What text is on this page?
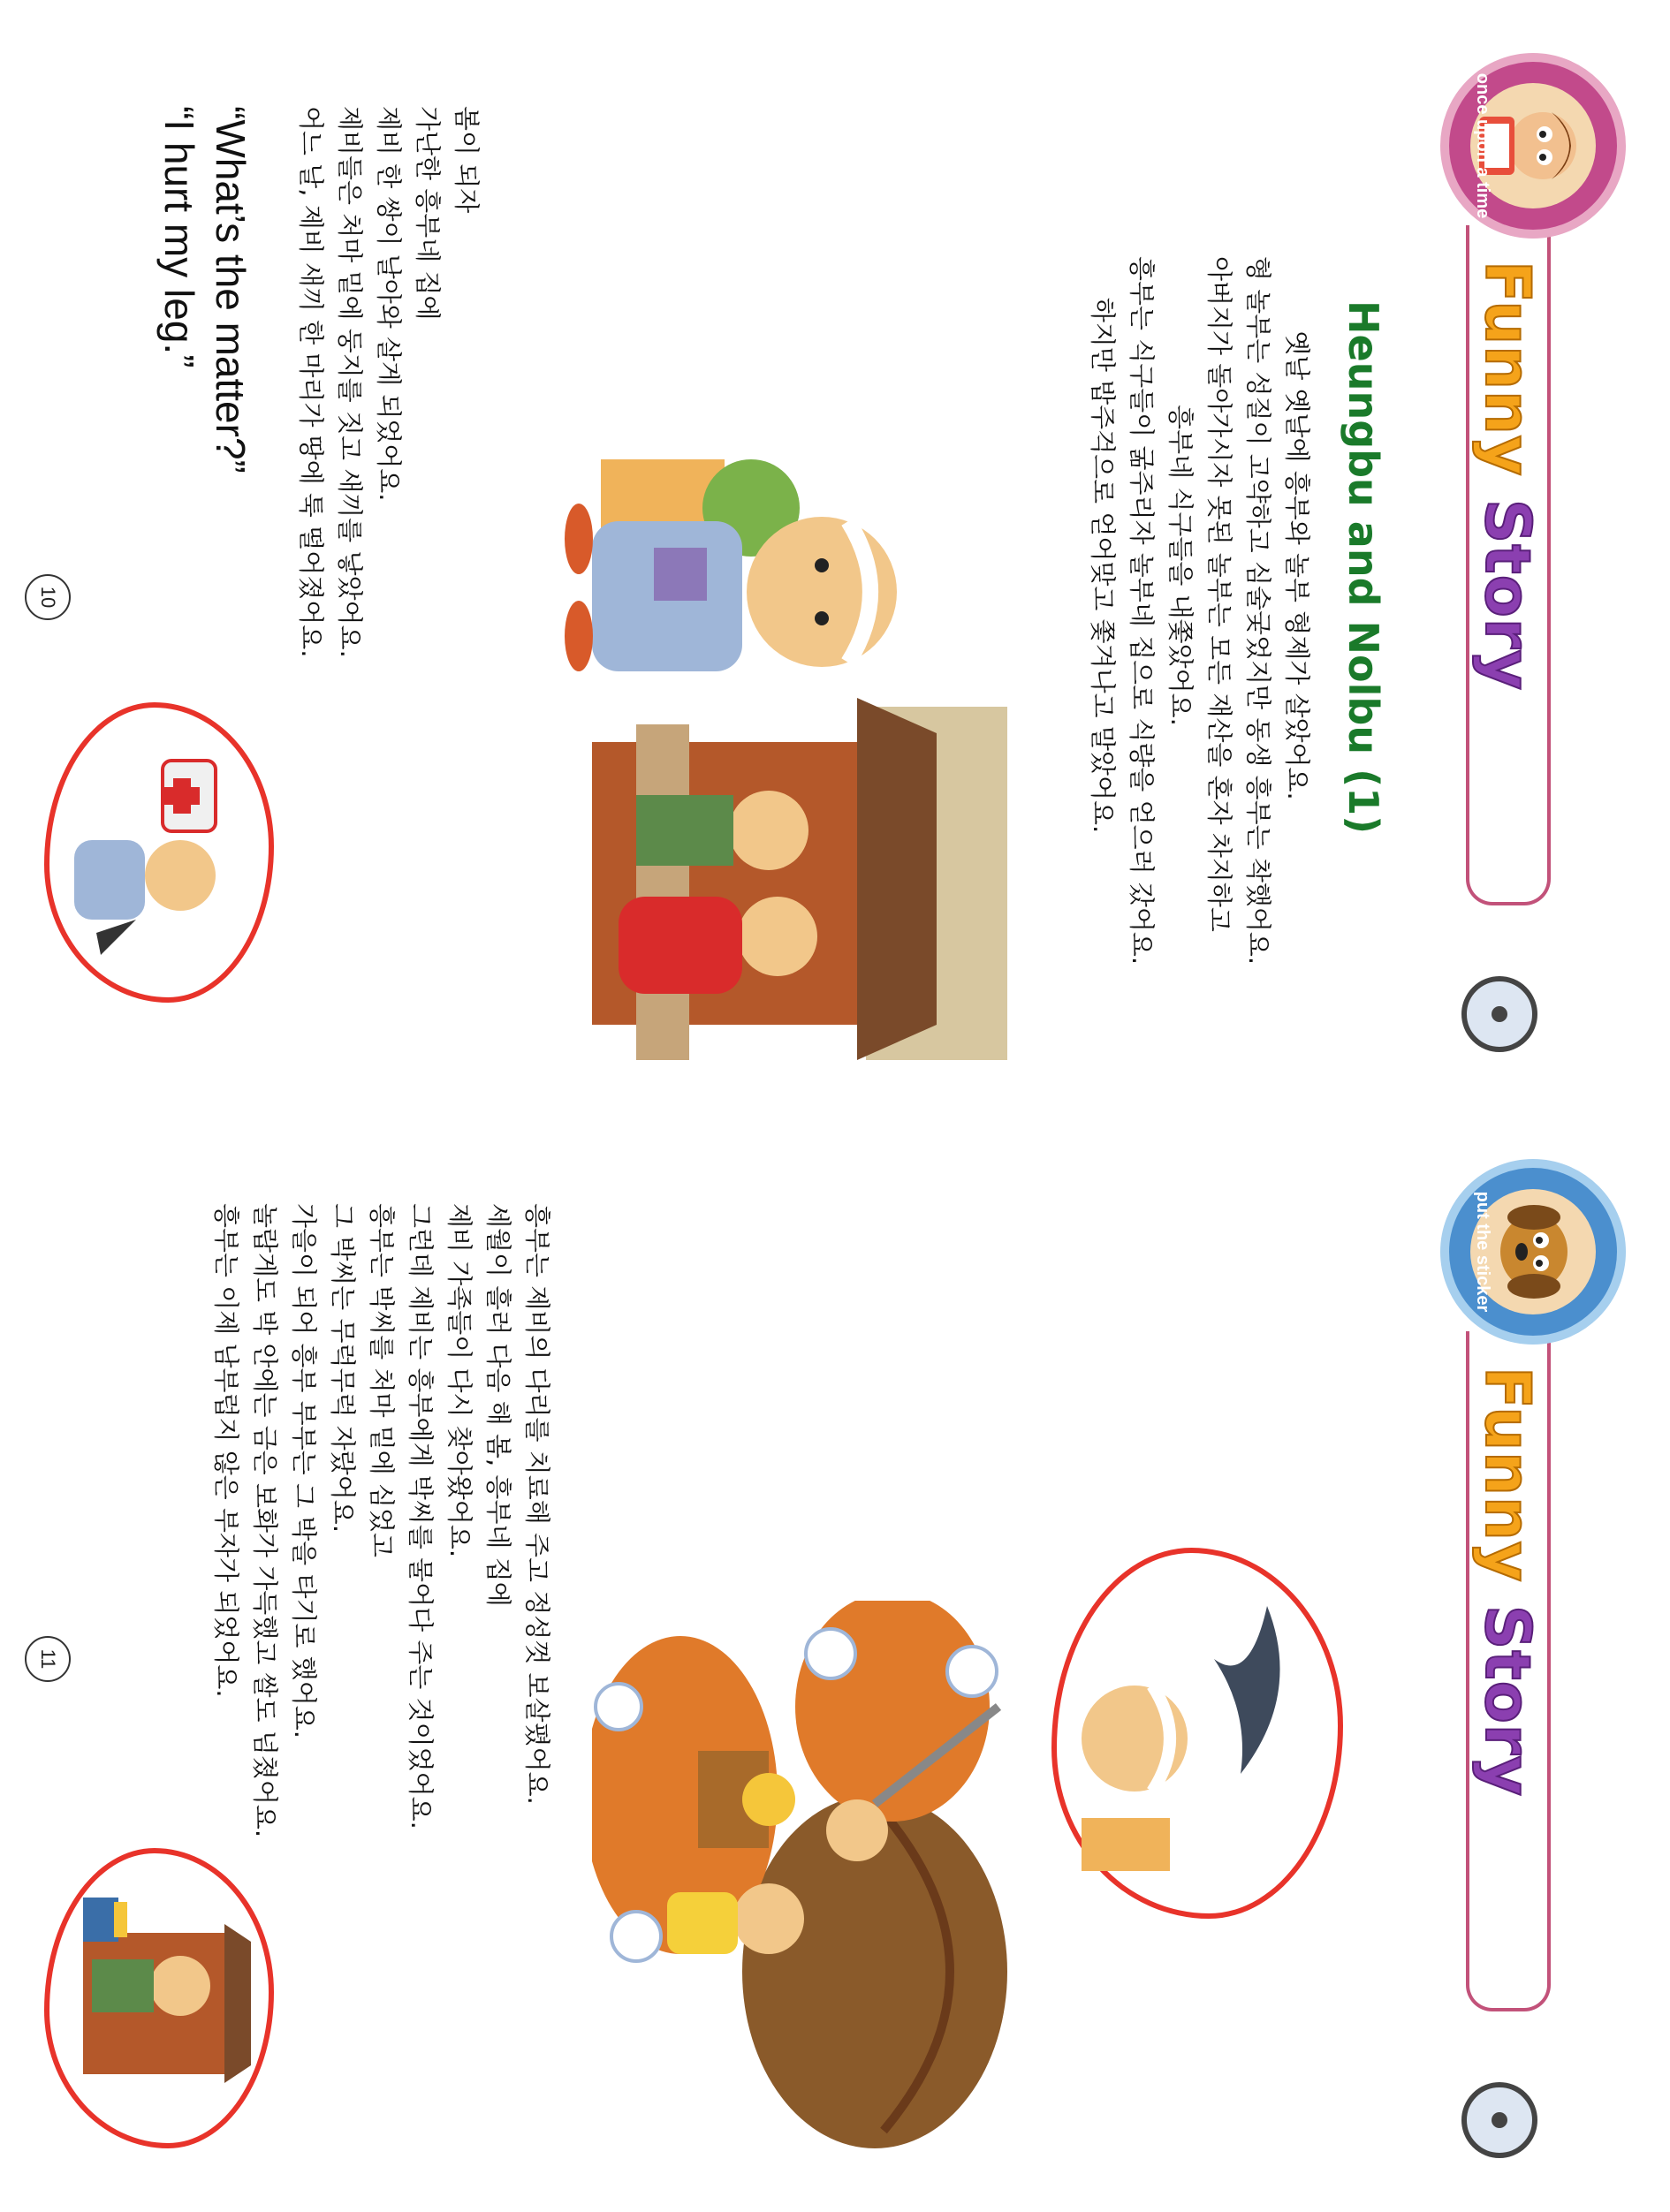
Funny Story
once upon a time
Heungbu and Nolbu (1)

옛날 옛날에 흥부와 놀부 형제가 살았어요.
형 놀부는 성질이 고약하고 심술궂었지만 동생 흥부는 착했어요.
아버지가 돌아가시자 못된 놀부는 모든 재산을 혼자 차지하고
흥부네 식구들을 내쫓았어요.
흥부는 식구들이 굶주리자 놀부네 집으로 식량을 얻으러 갔어요.
하지만 밥주걱으로 얻어맞고 쫓겨나고 말았어요.

봄이 되자
가난한 흥부네 집에
제비 한 쌍이 날아와 살게 되었어요.
제비들은 처마 밑에 둥지를 짓고 새끼를 낳았어요.
어느 날, 제비 새끼 한 마리가 땅에 툭 떨어졌어요.

“What’s the matter?”
“I hurt my leg.”

10
Funny Story
put the sticker

흥부는 제비의 다리를 치료해 주고 정성껏 보살폈어요.
세월이 흘러 다음 해 봄, 흥부네 집에
제비 가족들이 다시 찾아왔어요.
그런데 제비는 흥부에게 박씨를 물어다 주는 것이었어요.
흥부는 박씨를 처마 밑에 심었고
그 박씨는 무럭무럭 자랐어요.
가을이 되어 흥부 부부는 그 박을 타기로 했어요.
놀랍게도 박 안에는 금은 보화가 가득했고 쌀도 넘쳤어요.
흥부는 이제 남부럽지 않은 부자가 되었어요.

11
